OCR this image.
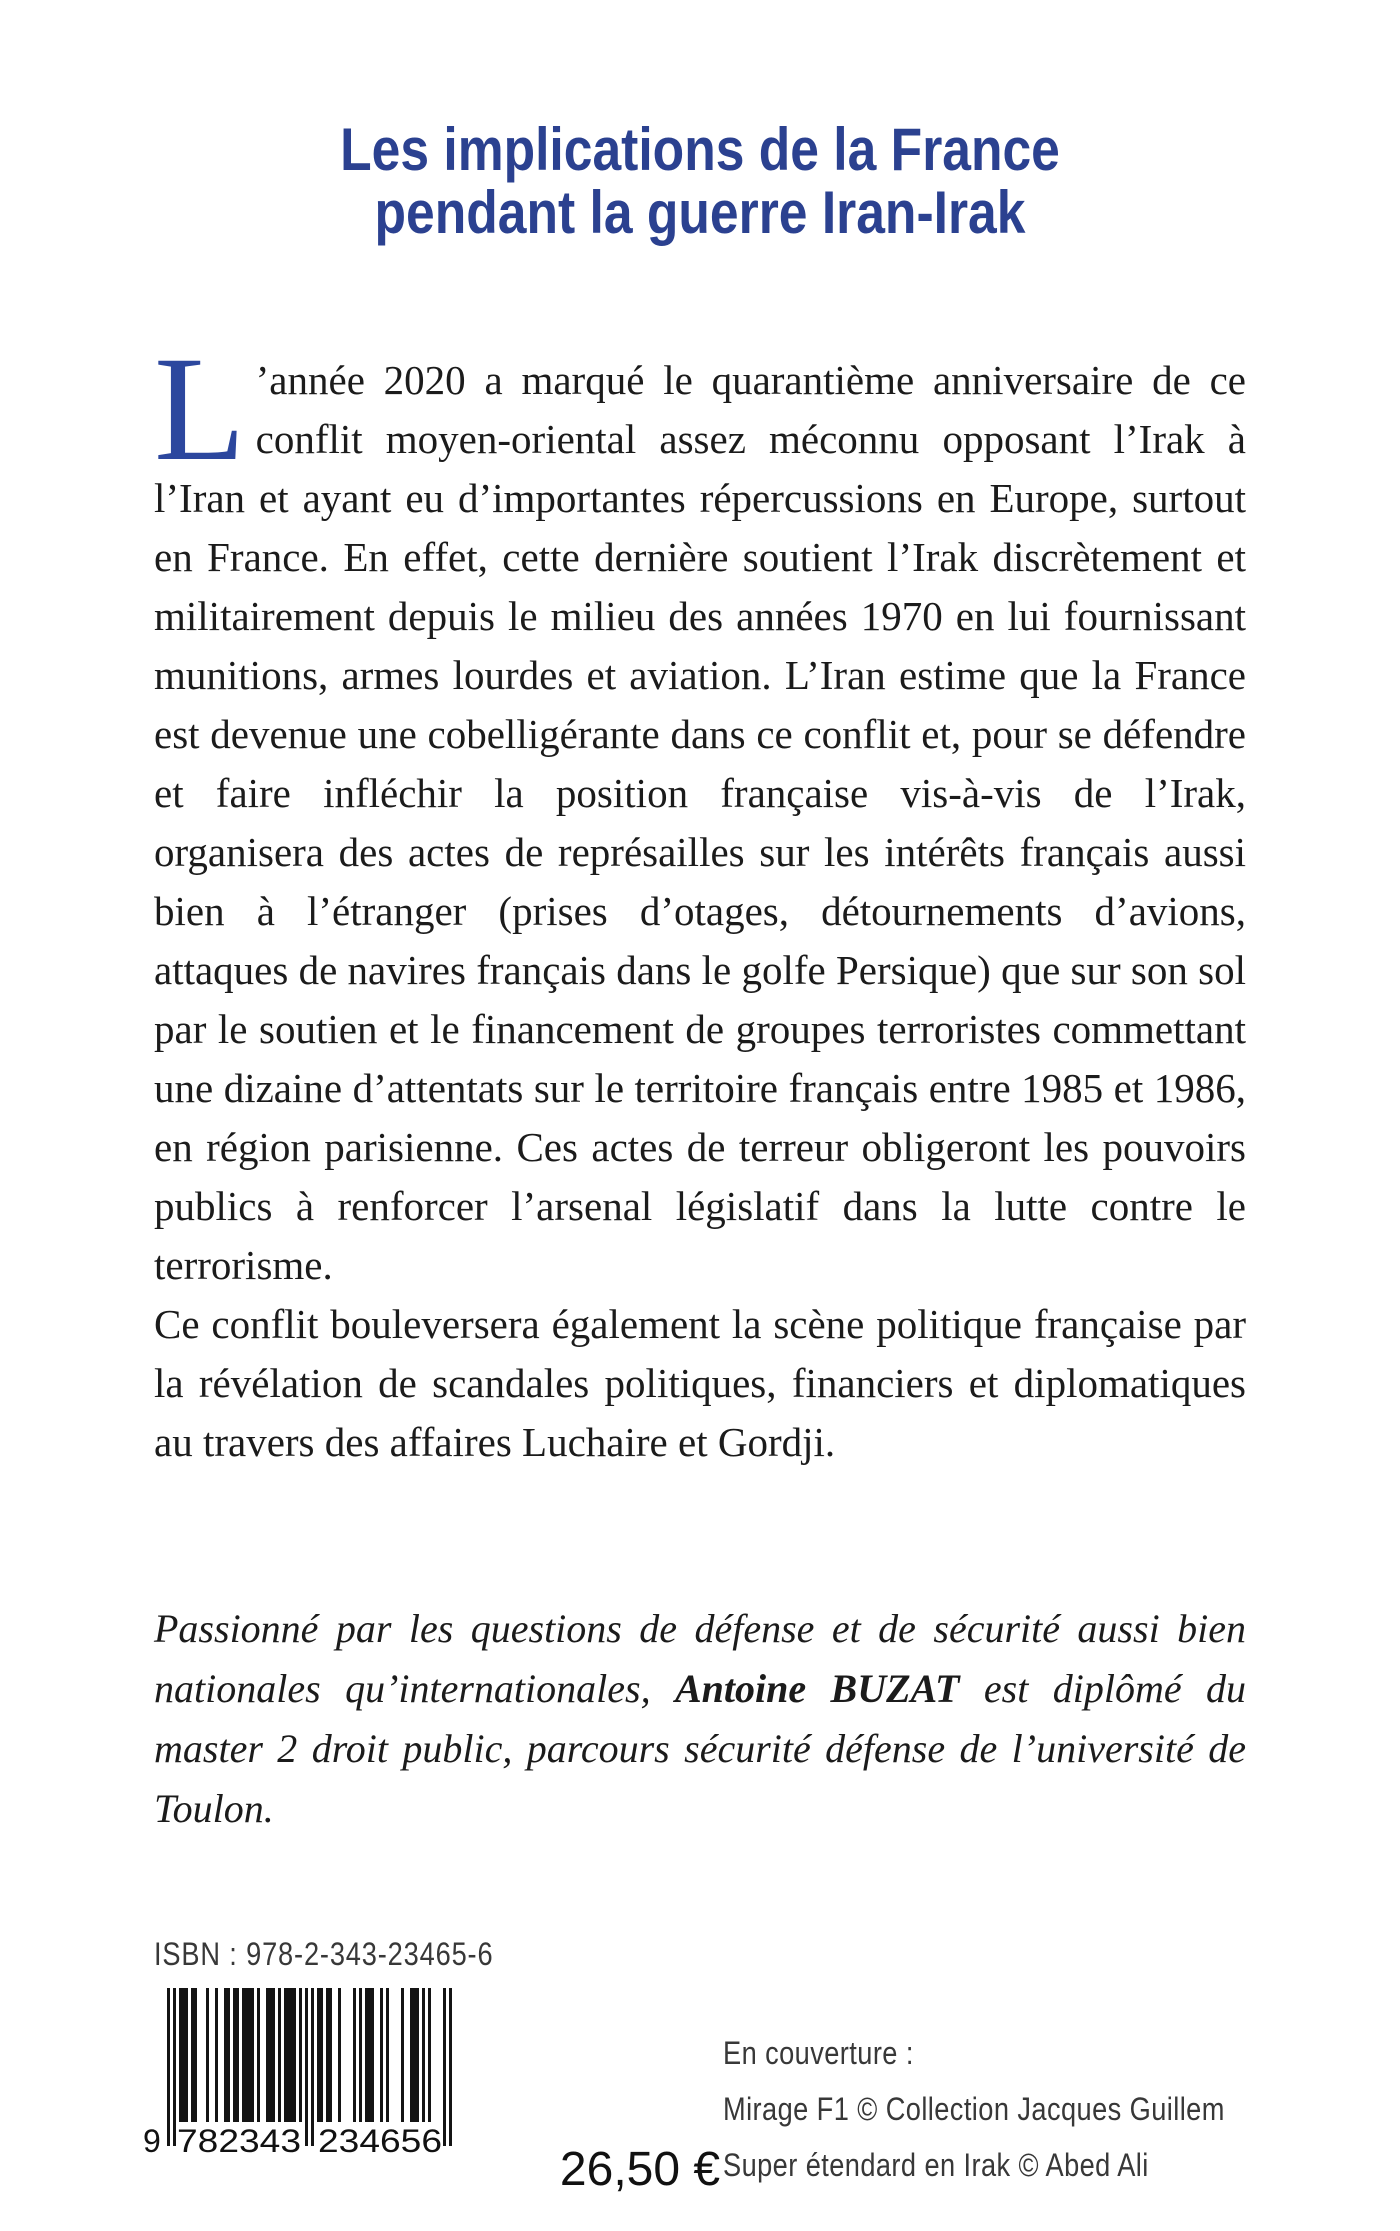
Les implications de la France
pendant la guerre Iran-Irak

L ’année 2020 a marqué le quarantième anniversaire de ce conflit moyen-oriental assez méconnu opposant l’Irak à l’Iran et ayant eu d’importantes répercussions en Europe, surtout en France. En effet, cette dernière soutient l’Irak discrètement et militairement depuis le milieu des années 1970 en lui fournissant munitions, armes lourdes et aviation. L’Iran estime que la France est devenue une cobelligérante dans ce conflit et, pour se défendre et faire infléchir la position française vis-à-vis de l’Irak, organisera des actes de représailles sur les intérêts français aussi bien à l’étranger (prises d’otages, détournements d’avions, attaques de navires français dans le golfe Persique) que sur son sol par le soutien et le financement de groupes terroristes commettant une dizaine d’attentats sur le territoire français entre 1985 et 1986, en région parisienne. Ces actes de terreur obligeront les pouvoirs publics à renforcer l’arsenal législatif dans la lutte contre le terrorisme.

Ce conflit bouleversera également la scène politique française par la révélation de scandales politiques, financiers et diplomatiques au travers des affaires Luchaire et Gordji.

Passionné par les questions de défense et de sécurité aussi bien nationales qu’internationales, Antoine BUZAT est diplômé du master 2 droit public, parcours sécurité défense de l’université de Toulon.
ISBN : 978-2-343-23465-6
9 782343 234656
26,50 €
En couverture :
Mirage F1 © Collection Jacques Guillem
Super étendard en Irak © Abed Ali
